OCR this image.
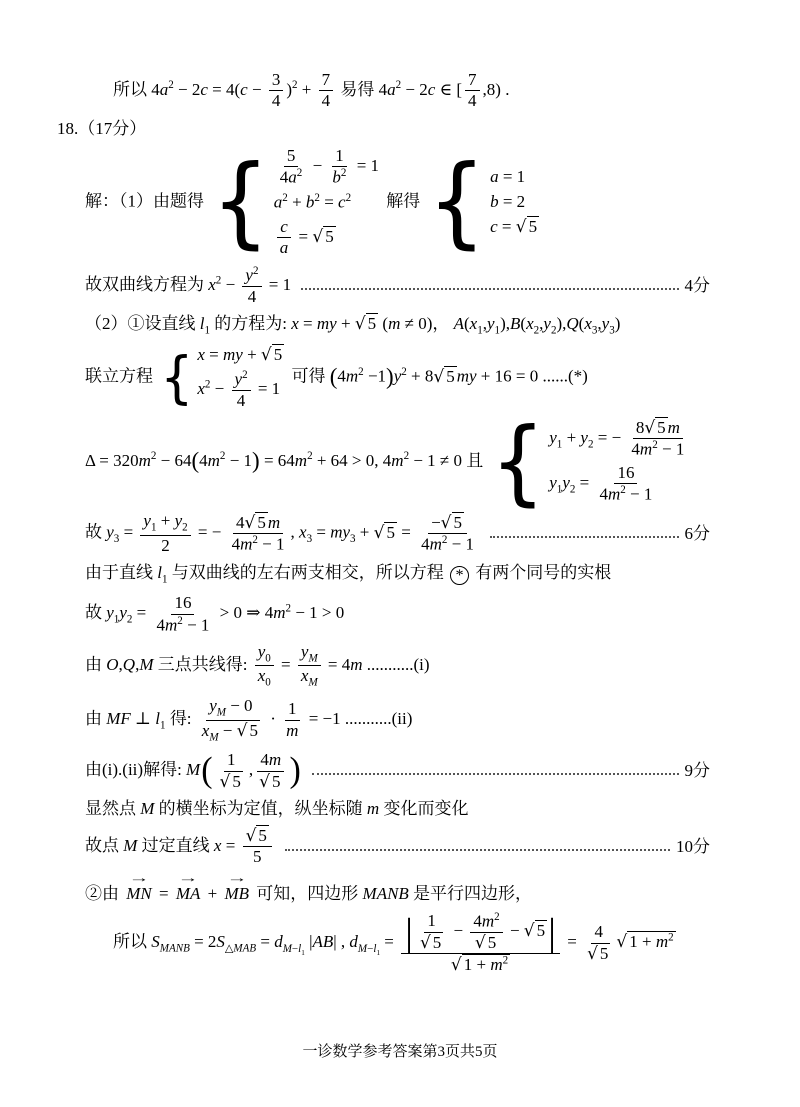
所以 $4a^2 - 2c = 4(c - \frac{3}{4} )^2 + \frac{7}{4}$ 易得 $4a^2 - 2c$ ∈ [ $\frac{7}{4} ,8$) .
18.（17分）
解：（1）由题得 { $\frac{5}{4a^2} - \frac{1}{b^2} = 1$
$a^2 + b^2 = c^2$
$\frac{c}{a}$ = √ 5
解得 { a = 1
b = 2
c = √ 5
故双曲线方程为 $x^2 - \frac{y^2}{4} = 1$	4分
（2）①设直线 $l_1$ 的方程为: x = my + √ 5 (m ≠ 0)， $A(x_1,y_1),B(x_2,y_2),Q(x_3,y_3)$
联立方程 { x = my + √ 5
$x^2 - \frac{y^2}{4} = 1$
可得 $(4m^2 -1)y^2 + 8$ √ 5 my + 16 = 0 ......(*)
$\Delta = 320m^2 - 64(4m^2 - 1) = 64m^2 + 64 > 0$, $4m^2 - 1 \ne 0$ 且 { $y_1 + y_2$ = − $\frac{8 √ 5 m}{4m^2 - 1}$
$y_1y_2 = \frac{16}{4m^2 - 1}$
故 $y_3 = \frac{y_1 + y_2}{2}$ = − $\frac{4 √ 5 m}{4m^2 - 1}$ , $x_3 = my_3$ + √ $5 = \frac{- √ 5}{4m^2 - 1}$	6分
由于直线 $l_1$ 与双曲线的左右两支相交，所以方程 * 有两个同号的实根
故 $y_1y_2 = \frac{16}{4m^2 - 1} > 0$ ⇒ $4m^2 - 1 > 0$
由 O,Q,M 三点共线得: $\frac{y_0}{x_0} = \frac{y_M}{x_M} = 4m$ ...........(i)
由 MF ⊥ $l_1$ 得: $\frac{y_M - 0}{x_M - √ 5} \cdot \frac{1}{m} = -1$ ...........(ii)
由(i).(ii)解得: M( 1
√ 5 , 4m
√ 5 )	9分
显然点 M 的横坐标为定值，纵坐标随 m 变化而变化
故点 M 过定直线 x = √ $\frac{5}{5}$	10分
②由 → MN = → MA + → MB 可知，四边形 MANB 是平行四边形，
所以 $S_{MANB} = 2S_{\triangle MAB} = d_{M-l_1}$ |AB| , $d_{M-l_1}$ = | 1
√ $5 - 4m^2$
√ 5 − √ 5|
√ $1 + m^2 = 4$
√ 5 √ $1 + m^2$
一诊数学参考答案第3页共5页
